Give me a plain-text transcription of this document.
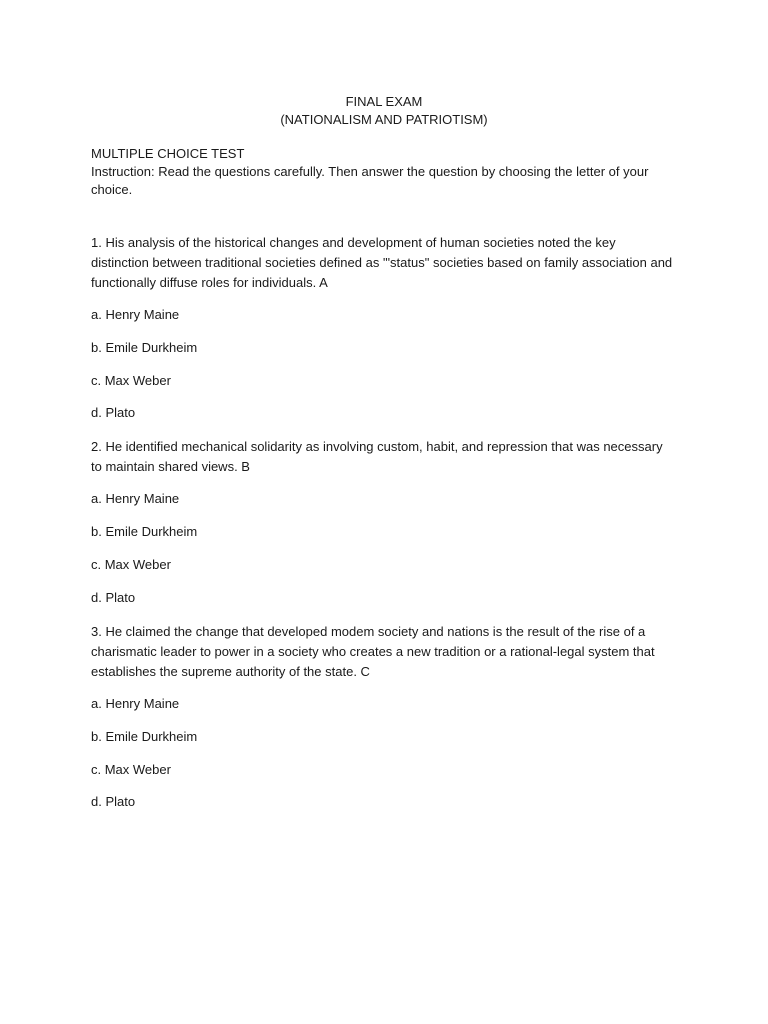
FINAL EXAM
(NATIONALISM AND PATRIOTISM)

MULTIPLE CHOICE TEST

Instruction: Read the questions carefully. Then answer the question by choosing the letter of your choice.

1. His analysis of the historical changes and development of human societies noted the key distinction between traditional societies defined as "'status" societies based on family association and functionally diffuse roles for individuals. A

a. Henry Maine

b. Emile Durkheim

c. Max Weber

d. Plato

2. He identified mechanical solidarity as involving custom, habit, and repression that was necessary to maintain shared views. B

a. Henry Maine

b. Emile Durkheim

c. Max Weber

d. Plato

3. He claimed the change that developed modem society and nations is the result of the rise of a charismatic leader to power in a society who creates a new tradition or a rational-legal system that establishes the supreme authority of the state. C

a. Henry Maine

b. Emile Durkheim

c. Max Weber

d. Plato
